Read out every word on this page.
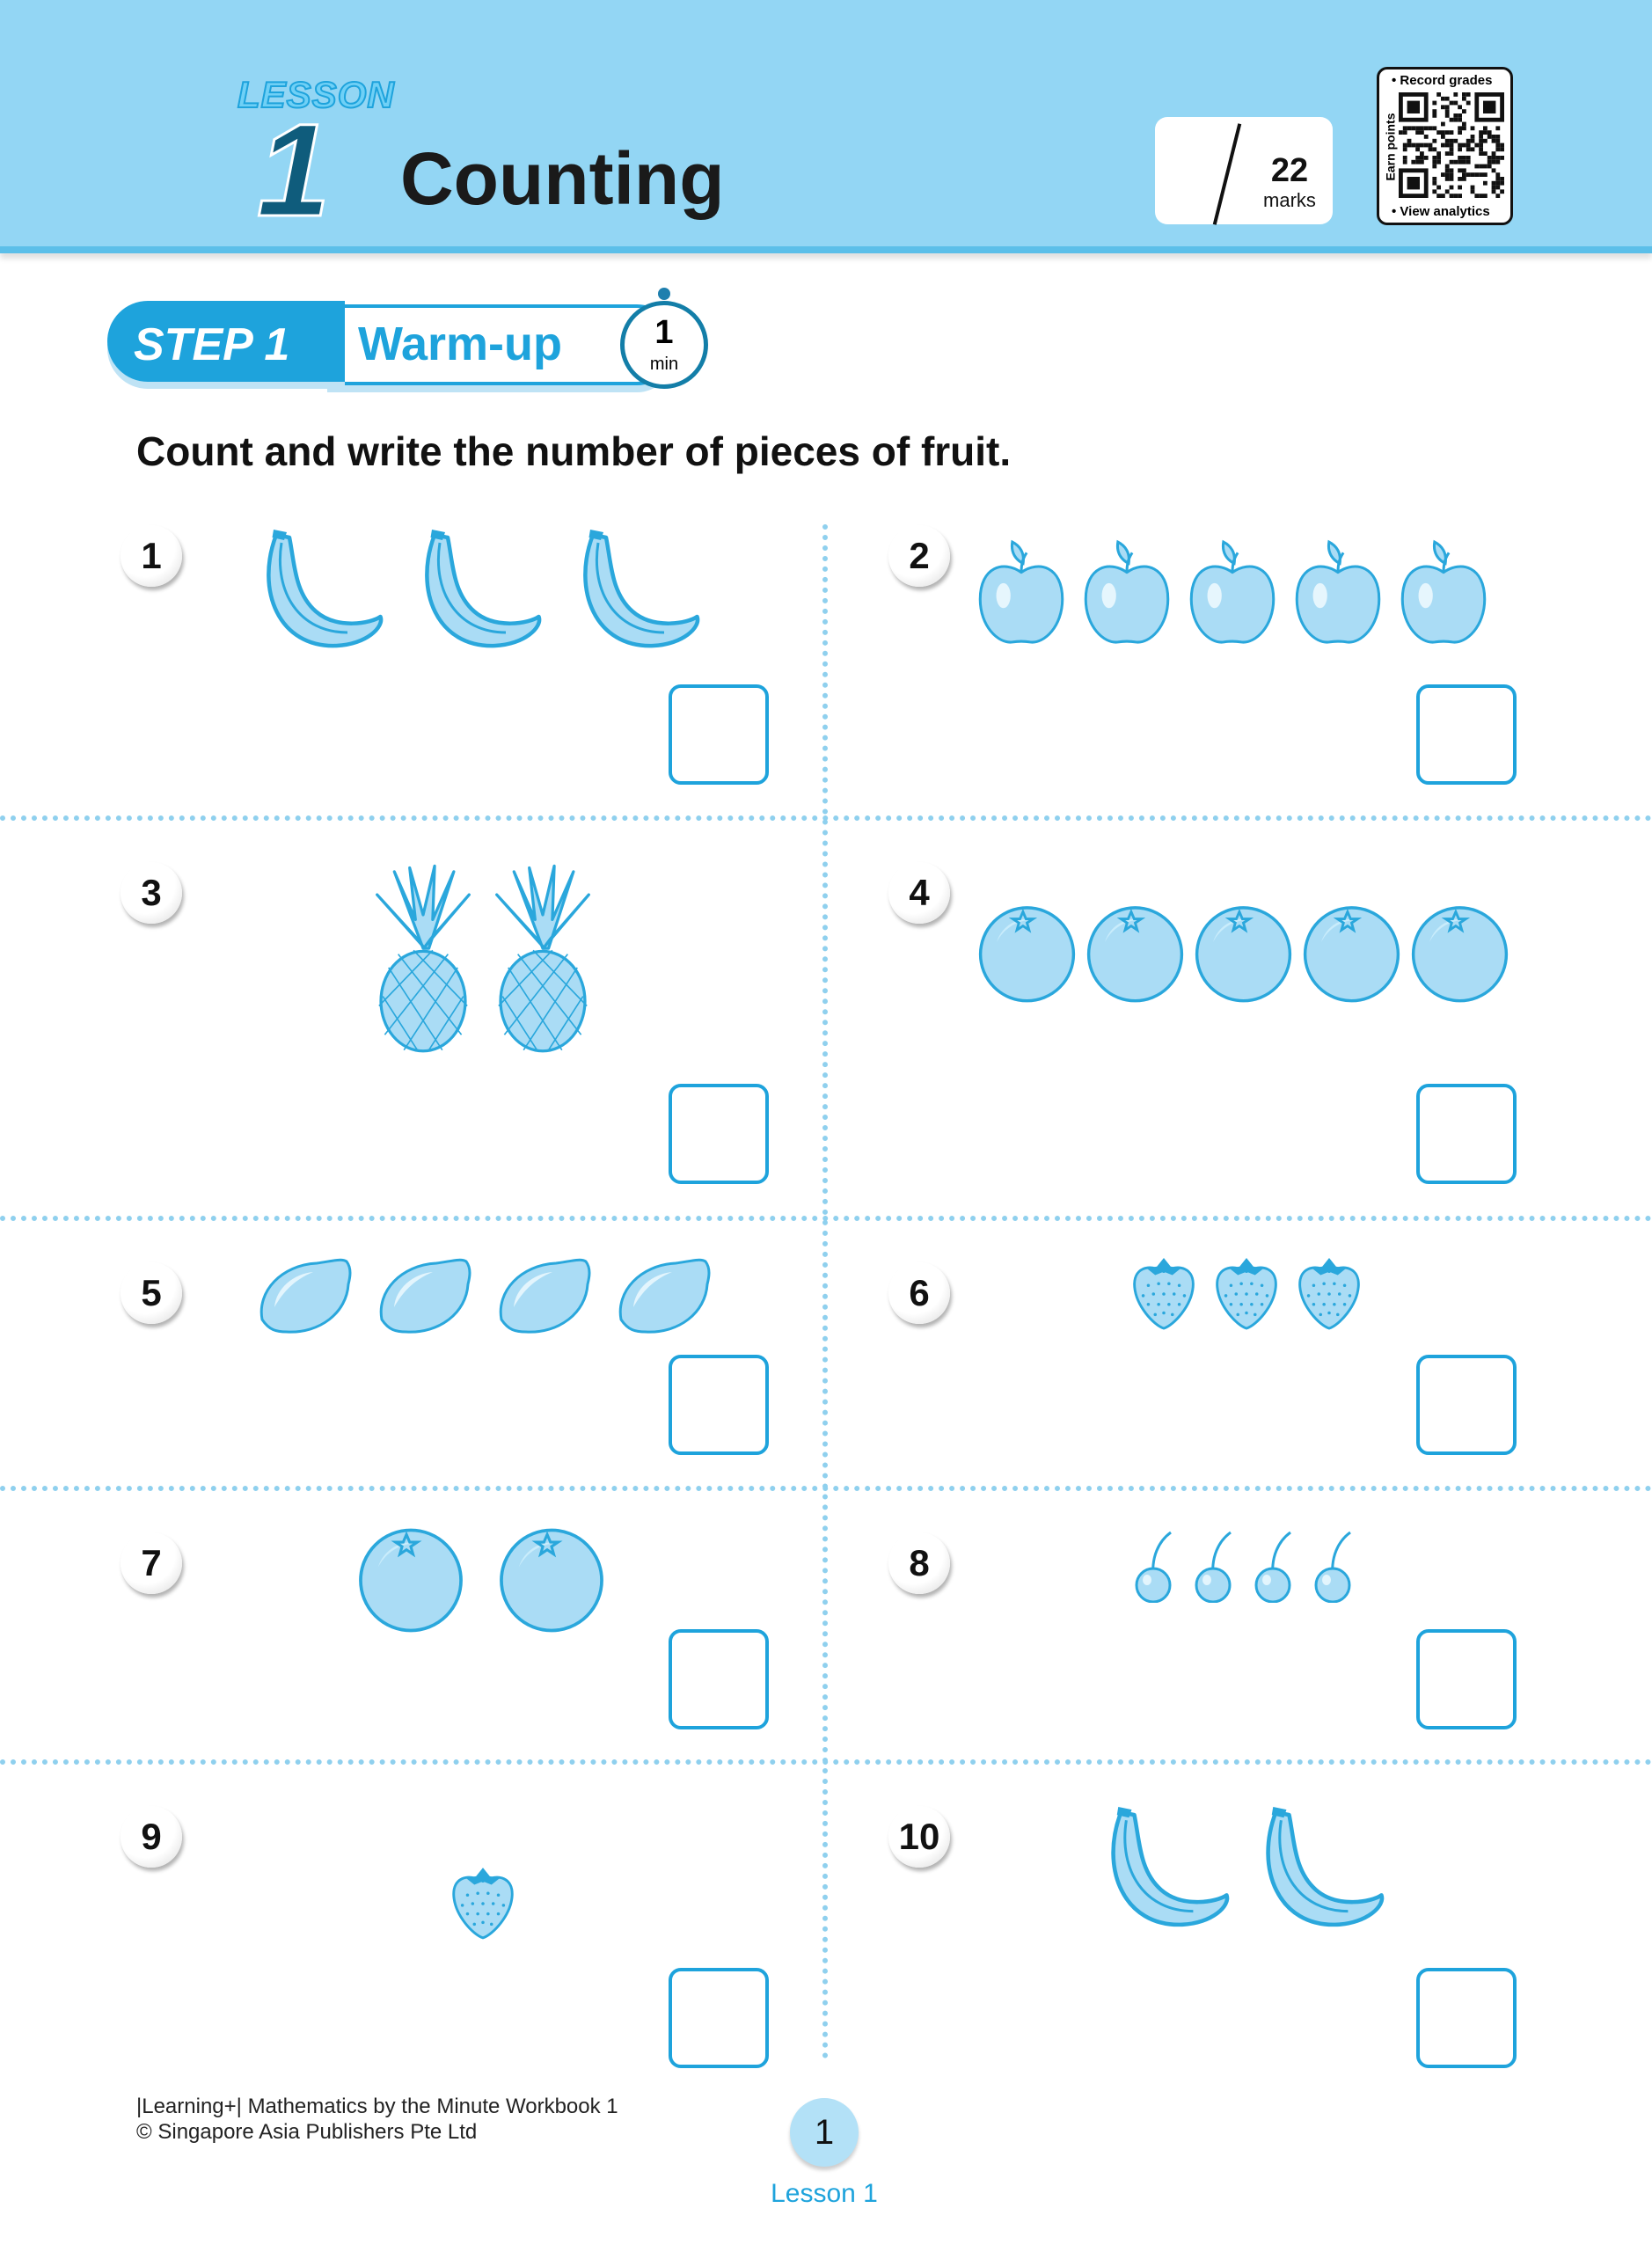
LESSON
1 Counting	22
marks
• Record grades
Earn points
• View analytics
STEP 1 Warm-up	1
min
Count and write the number of pieces of fruit.
1	2
3	4
5	6
7	8
9	10
|Learning+| Mathematics by the Minute Workbook 1
© Singapore Asia Publishers Pte Ltd	1
Lesson 1
